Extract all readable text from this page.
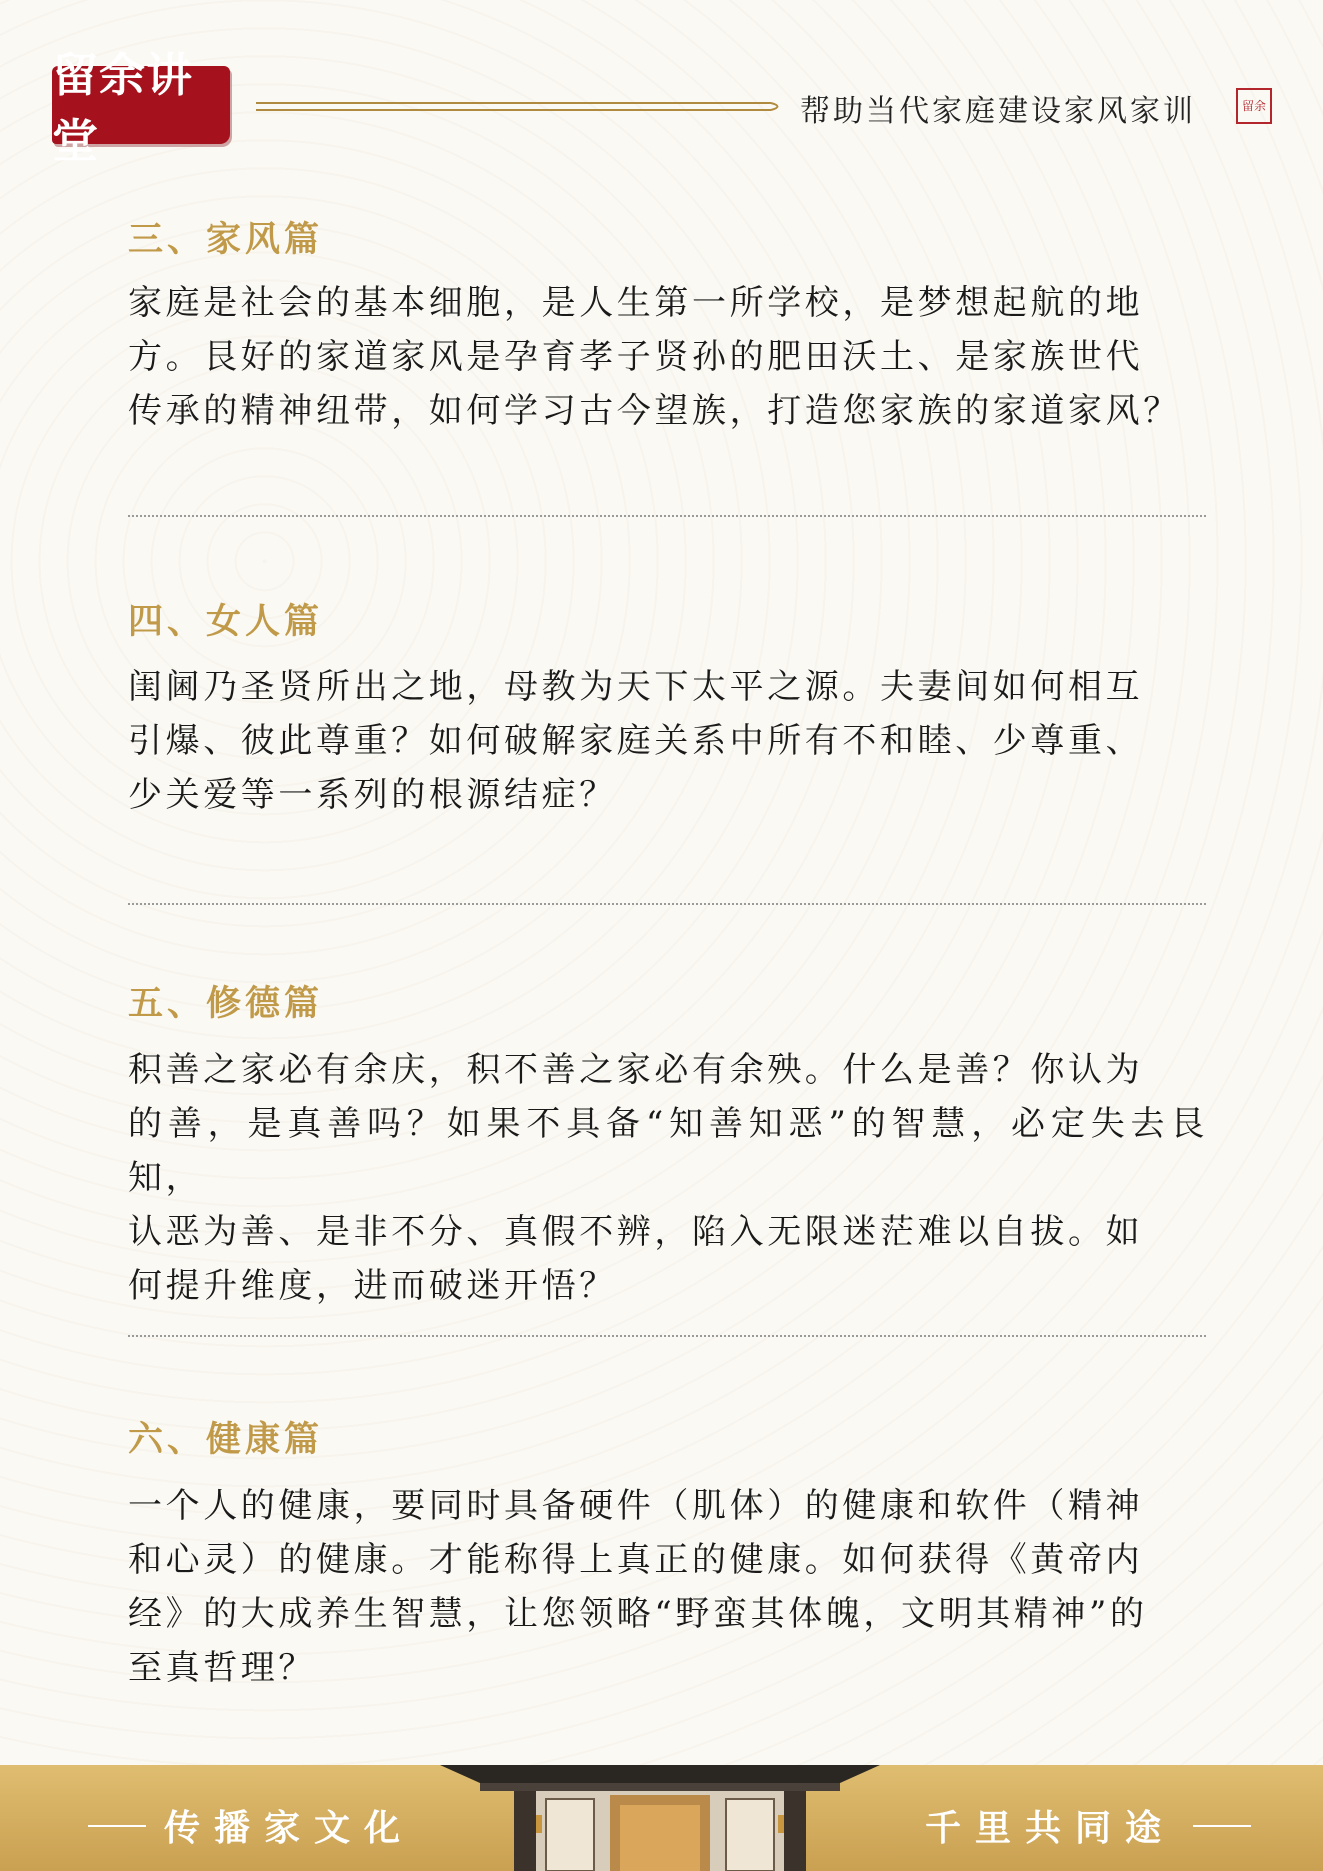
留余讲堂
帮助当代家庭建设家风家训	留余
三、家风篇
家庭是社会的基本细胞，是人生第一所学校，是梦想起航的地
方。艮好的家道家风是孕育孝子贤孙的肥田沃土、是家族世代
传承的精神纽带，如何学习古今望族，打造您家族的家道家风？
四、女人篇
闺阃乃圣贤所出之地，母教为天下太平之源。夫妻间如何相互
引爆、彼此尊重？如何破解家庭关系中所有不和睦、少尊重、
少关爱等一系列的根源结症？
五、修德篇
积善之家必有余庆，积不善之家必有余殃。什么是善？你认为
的善，是真善吗？如果不具备“知善知恶”的智慧，必定失去艮知，
认恶为善、是非不分、真假不辨，陷入无限迷茫难以自拔。如
何提升维度，进而破迷开悟？
六、健康篇
一个人的健康，要同时具备硬件（肌体）的健康和软件（精神
和心灵）的健康。才能称得上真正的健康。如何获得《黄帝内
经》的大成养生智慧，让您领略“野蛮其体魄，文明其精神”的
至真哲理？
传播家文化	千里共同途
